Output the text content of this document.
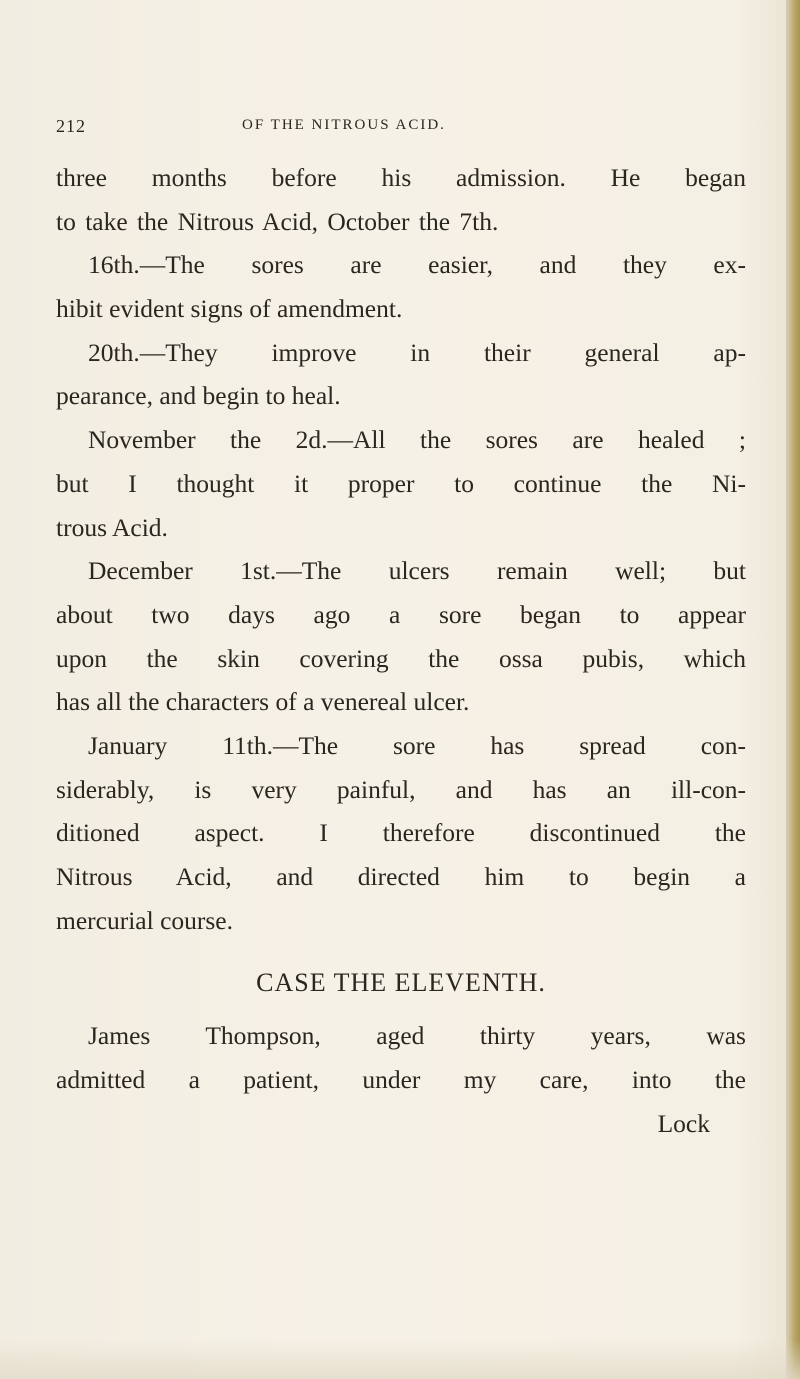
212	OF THE NITROUS ACID.
three months before his admission. He began
to take the Nitrous Acid, October the 7th.
16th.—The sores are easier, and they ex-
hibit evident signs of amendment.
20th.—They improve in their general ap-
pearance, and begin to heal.
November the 2d.—All the sores are healed ;
but I thought it proper to continue the Ni-
trous Acid.
December 1st.—The ulcers remain well; but
about two days ago a sore began to appear
upon the skin covering the ossa pubis, which
has all the characters of a venereal ulcer.
January 11th.—The sore has spread con-
siderably, is very painful, and has an ill-con-
ditioned aspect. I therefore discontinued the
Nitrous Acid, and directed him to begin a
mercurial course.
CASE THE ELEVENTH.
James Thompson, aged thirty years, was
admitted a patient, under my care, into the
Lock
